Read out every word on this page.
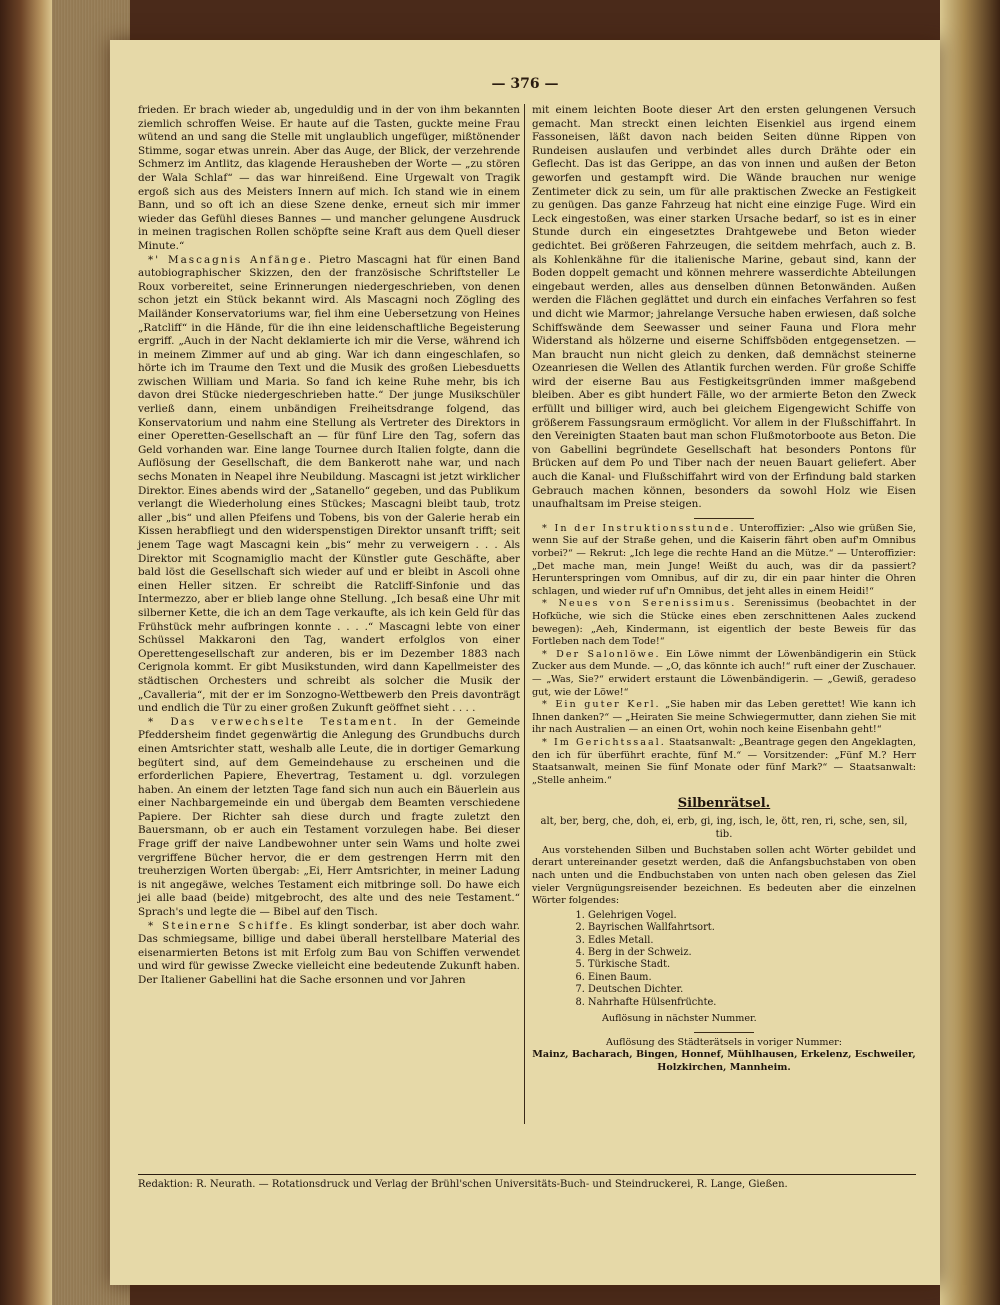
— 376 —

frieden. Er brach wieder ab, ungeduldig und in der von ihm bekannten ziemlich schroffen Weise. Er haute auf die Tasten, guckte meine Frau wütend an und sang die Stelle mit unglaublich ungefüger, mißtönender Stimme, sogar etwas unrein. Aber das Auge, der Blick, der verzehrende Schmerz im Antlitz, das klagende Herausheben der Worte — „zu stören der Wala Schlaf“ — das war hinreißend. Eine Urgewalt von Tragik ergoß sich aus des Meisters Innern auf mich. Ich stand wie in einem Bann, und so oft ich an diese Szene denke, erneut sich mir immer wieder das Gefühl dieses Bannes — und mancher gelungene Ausdruck in meinen tragischen Rollen schöpfte seine Kraft aus dem Quell dieser Minute.“

*' Mascagnis Anfänge. Pietro Mascagni hat für einen Band autobiographischer Skizzen, den der französische Schriftsteller Le Roux vorbereitet, seine Erinnerungen niedergeschrieben, von denen schon jetzt ein Stück bekannt wird. Als Mascagni noch Zögling des Mailänder Konservatoriums war, fiel ihm eine Uebersetzung von Heines „Ratcliff“ in die Hände, für die ihn eine leidenschaftliche Begeisterung ergriff. „Auch in der Nacht deklamierte ich mir die Verse, während ich in meinem Zimmer auf und ab ging. War ich dann eingeschlafen, so hörte ich im Traume den Text und die Musik des großen Liebesduetts zwischen William und Maria. So fand ich keine Ruhe mehr, bis ich davon drei Stücke niedergeschrieben hatte.“ Der junge Musikschüler verließ dann, einem unbändigen Freiheitsdrange folgend, das Konservatorium und nahm eine Stellung als Vertreter des Direktors in einer Operetten-Gesellschaft an — für fünf Lire den Tag, sofern das Geld vorhanden war. Eine lange Tournee durch Italien folgte, dann die Auflösung der Gesellschaft, die dem Bankerott nahe war, und nach sechs Monaten in Neapel ihre Neubildung. Mascagni ist jetzt wirklicher Direktor. Eines abends wird der „Satanello“ gegeben, und das Publikum verlangt die Wiederholung eines Stückes; Mascagni bleibt taub, trotz aller „bis“ und allen Pfeifens und Tobens, bis von der Galerie herab ein Kissen herabfliegt und den widerspenstigen Direktor unsanft trifft; seit jenem Tage wagt Mascagni kein „bis“ mehr zu verweigern . . . Als Direktor mit Scognamiglio macht der Künstler gute Geschäfte, aber bald löst die Gesellschaft sich wieder auf und er bleibt in Ascoli ohne einen Heller sitzen. Er schreibt die Ratcliff-Sinfonie und das Intermezzo, aber er blieb lange ohne Stellung. „Ich besaß eine Uhr mit silberner Kette, die ich an dem Tage verkaufte, als ich kein Geld für das Frühstück mehr aufbringen konnte . . . .“ Mascagni lebte von einer Schüssel Makkaroni den Tag, wandert erfolglos von einer Operettengesellschaft zur anderen, bis er im Dezember 1883 nach Cerignola kommt. Er gibt Musikstunden, wird dann Kapellmeister des städtischen Orchesters und schreibt als solcher die Musik der „Cavalleria“, mit der er im Sonzogno-Wettbewerb den Preis davonträgt und endlich die Tür zu einer großen Zukunft geöffnet sieht . . . .

* Das verwechselte Testament. In der Gemeinde Pfeddersheim findet gegenwärtig die Anlegung des Grundbuchs durch einen Amtsrichter statt, weshalb alle Leute, die in dortiger Gemarkung begütert sind, auf dem Gemeindehause zu erscheinen und die erforderlichen Papiere, Ehevertrag, Testament u. dgl. vorzulegen haben. An einem der letzten Tage fand sich nun auch ein Bäuerlein aus einer Nachbargemeinde ein und übergab dem Beamten verschiedene Papiere. Der Richter sah diese durch und fragte zuletzt den Bauersmann, ob er auch ein Testament vorzulegen habe. Bei dieser Frage griff der naive Landbewohner unter sein Wams und holte zwei vergriffene Bücher hervor, die er dem gestrengen Herrn mit den treuherzigen Worten übergab: „Ei, Herr Amtsrichter, in meiner Ladung is nit angegäwe, welches Testament eich mitbringe soll. Do hawe eich jei alle baad (beide) mitgebrocht, des alte und des neie Testament.“ Sprach's und legte die — Bibel auf den Tisch.

* Steinerne Schiffe. Es klingt sonderbar, ist aber doch wahr. Das schmiegsame, billige und dabei überall herstellbare Material des eisenarmierten Betons ist mit Erfolg zum Bau von Schiffen verwendet und wird für gewisse Zwecke vielleicht eine bedeutende Zukunft haben. Der Italiener Gabellini hat die Sache ersonnen und vor Jahren

mit einem leichten Boote dieser Art den ersten gelungenen Versuch gemacht. Man streckt einen leichten Eisenkiel aus irgend einem Fassoneisen, läßt davon nach beiden Seiten dünne Rippen von Rundeisen auslaufen und verbindet alles durch Drähte oder ein Geflecht. Das ist das Gerippe, an das von innen und außen der Beton geworfen und gestampft wird. Die Wände brauchen nur wenige Zentimeter dick zu sein, um für alle praktischen Zwecke an Festigkeit zu genügen. Das ganze Fahrzeug hat nicht eine einzige Fuge. Wird ein Leck eingestoßen, was einer starken Ursache bedarf, so ist es in einer Stunde durch ein eingesetztes Drahtgewebe und Beton wieder gedichtet. Bei größeren Fahrzeugen, die seitdem mehrfach, auch z. B. als Kohlenkähne für die italienische Marine, gebaut sind, kann der Boden doppelt gemacht und können mehrere wasserdichte Abteilungen eingebaut werden, alles aus denselben dünnen Betonwänden. Außen werden die Flächen geglättet und durch ein einfaches Verfahren so fest und dicht wie Marmor; jahrelange Versuche haben erwiesen, daß solche Schiffswände dem Seewasser und seiner Fauna und Flora mehr Widerstand als hölzerne und eiserne Schiffsböden entgegensetzen. — Man braucht nun nicht gleich zu denken, daß demnächst steinerne Ozeanriesen die Wellen des Atlantik furchen werden. Für große Schiffe wird der eiserne Bau aus Festigkeitsgründen immer maßgebend bleiben. Aber es gibt hundert Fälle, wo der armierte Beton den Zweck erfüllt und billiger wird, auch bei gleichem Eigengewicht Schiffe von größerem Fassungsraum ermöglicht. Vor allem in der Flußschiffahrt. In den Vereinigten Staaten baut man schon Flußmotorboote aus Beton. Die von Gabellini begründete Gesellschaft hat besonders Pontons für Brücken auf dem Po und Tiber nach der neuen Bauart geliefert. Aber auch die Kanal- und Flußschiffahrt wird von der Erfindung bald starken Gebrauch machen können, besonders da sowohl Holz wie Eisen unaufhaltsam im Preise steigen.

* In der Instruktionsstunde. Unteroffizier: „Also wie grüßen Sie, wenn Sie auf der Straße gehen, und die Kaiserin fährt oben auf'm Omnibus vorbei?“ — Rekrut: „Ich lege die rechte Hand an die Mütze.“ — Unteroffizier: „Det mache man, mein Junge! Weißt du auch, was dir da passiert? Herunterspringen vom Omnibus, auf dir zu, dir ein paar hinter die Ohren schlagen, und wieder ruf uf'n Omnibus, det jeht alles in einem Heidi!“

* Neues von Serenissimus. Serenissimus (beobachtet in der Hofküche, wie sich die Stücke eines eben zerschnittenen Aales zuckend bewegen): „Aeh, Kindermann, ist eigentlich der beste Beweis für das Fortleben nach dem Tode!“

* Der Salonlöwe. Ein Löwe nimmt der Löwenbändigerin ein Stück Zucker aus dem Munde. — „O, das könnte ich auch!“ ruft einer der Zuschauer. — „Was, Sie?“ erwidert erstaunt die Löwenbändigerin. — „Gewiß, geradeso gut, wie der Löwe!“

* Ein guter Kerl. „Sie haben mir das Leben gerettet! Wie kann ich Ihnen danken?“ — „Heiraten Sie meine Schwiegermutter, dann ziehen Sie mit ihr nach Australien — an einen Ort, wohin noch keine Eisenbahn geht!“

* Im Gerichtssaal. Staatsanwalt: „Beantrage gegen den Angeklagten, den ich für überführt erachte, fünf M.“ — Vorsitzender: „Fünf M.? Herr Staatsanwalt, meinen Sie fünf Monate oder fünf Mark?“ — Staatsanwalt: „Stelle anheim.“

Silbenrätsel.
alt, ber, berg, che, doh, ei, erb, gi, ing, isch, le, ött, ren, ri, sche, sen, sil, tib.

Aus vorstehenden Silben und Buchstaben sollen acht Wörter gebildet und derart untereinander gesetzt werden, daß die Anfangsbuchstaben von oben nach unten und die Endbuchstaben von unten nach oben gelesen das Ziel vieler Vergnügungsreisender bezeichnen. Es bedeuten aber die einzelnen Wörter folgendes:

1. Gelehrigen Vogel.
2. Bayrischen Wallfahrtsort.
3. Edles Metall.
4. Berg in der Schweiz.
5. Türkische Stadt.
6. Einen Baum.
7. Deutschen Dichter.
8. Nahrhafte Hülsenfrüchte.

Auflösung in nächster Nummer.

Auflösung des Städterätsels in voriger Nummer:

Mainz, Bacharach, Bingen, Honnef, Mühlhausen, Erkelenz, Eschweiler, Holzkirchen, Mannheim.

Redaktion: R. Neurath. — Rotationsdruck und Verlag der Brühl'schen Universitäts-Buch- und Steindruckerei, R. Lange, Gießen.
